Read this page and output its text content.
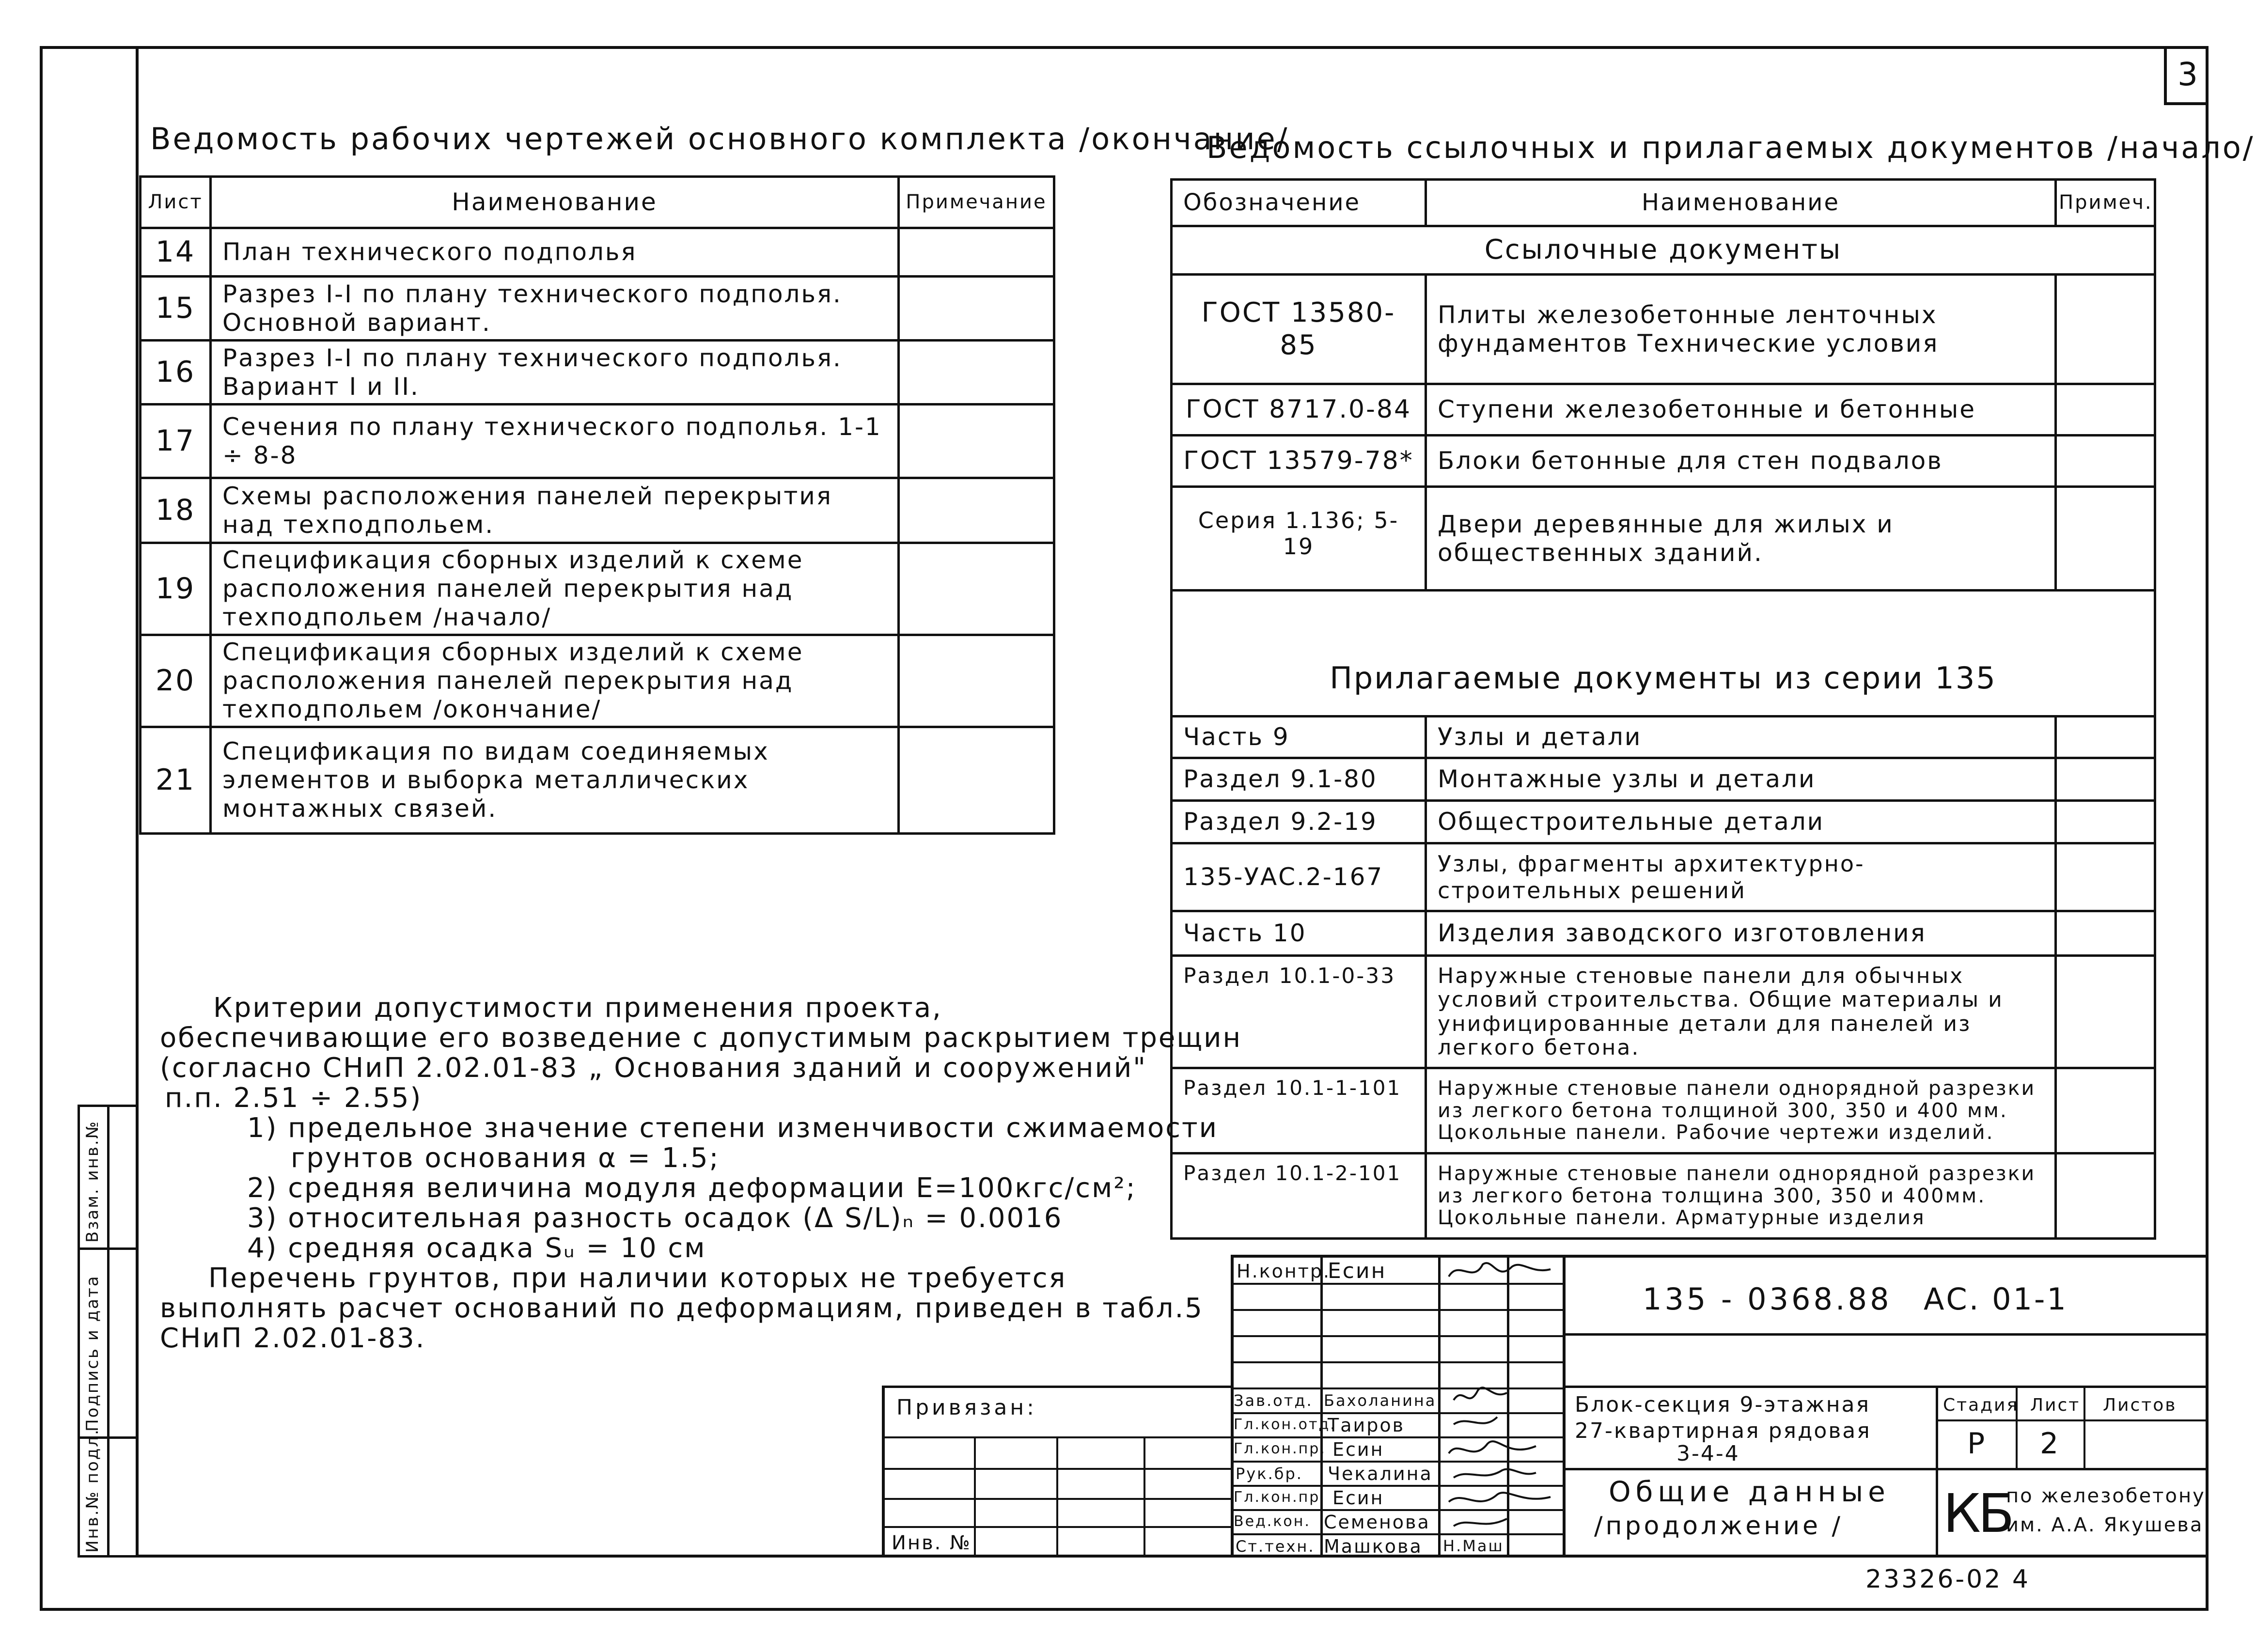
3
Ведомость рабочих чертежей основного комплекта /окончание/
Лист	Наименование	Примечание
14	План технического подполья	
15	Разрез I-I по плану технического подполья. Основной вариант.	
16	Разрез I-I по плану технического подполья. Вариант I и II.	
17	Сечения по плану технического подполья. 1-1 ÷ 8-8	
18	Схемы расположения панелей перекрытия над техподпольем.	
19	Спецификация сборных изделий к схеме расположения панелей перекрытия над техподпольем /начало/	
20	Спецификация сборных изделий к схеме расположения панелей перекрытия над техподпольем /окончание/	
21	Спецификация по видам соединяемых элементов и выборка металлических монтажных связей.	
Ведомость ссылочных и прилагаемых документов /начало/
Обозначение	Наименование	Примеч.
Ссылочные документы		
ГОСТ 13580-85	Плиты железобетонные ленточных фундаментов Технические условия	
ГОСТ 8717.0-84	Ступени железобетонные и бетонные	
ГОСТ 13579-78*	Блоки бетонные для стен подвалов	
Серия 1.136; 5-19	Двери деревянные для жилых и общественных зданий.	
Прилагаемые документы из серии 135		
Часть 9	Узлы и детали	
Раздел 9.1-80	Монтажные узлы и детали	
Раздел 9.2-19	Общестроительные детали	
135-УАС.2-167	Узлы, фрагменты архитектурно-строительных решений	
Часть 10	Изделия заводского изготовления	
Раздел 10.1-0-33	Наружные стеновые панели для обычных условий строительства. Общие материалы и унифицированные детали для панелей из легкого бетона.	
Раздел 10.1-1-101	Наружные стеновые панели однорядной разрезки из легкого бетона толщиной 300, 350 и 400 мм. Цокольные панели. Рабочие чертежи изделий.	
Раздел 10.1-2-101	Наружные стеновые панели однорядной разрезки из легкого бетона толщина 300, 350 и 400мм. Цокольные панели. Арматурные изделия	

Критерии допустимости применения проекта,

обеспечивающие его возведение с допустимым раскрытием трещин

(согласно СНиП 2.02.01-83 „ Основания зданий и сооружений"

п.п. 2.51 ÷ 2.55)

1) предельное значение степени изменчивости сжимаемости

грунтов основания α = 1.5;

2) средняя величина модуля деформации E=100кгс/см²;

3) относительная разность осадок (Δ S/L)ₙ = 0.0016

4) средняя осадка Sᵤ = 10 см

Перечень грунтов, при наличии которых не требуется

выполнять расчет оснований по деформациям, приведен в табл.5

СНиП 2.02.01-83.

Инв.№ подл.
Подпись и дата
Взам. инв.№
Привязан:
Инв. №
Н.контр.
Есин
Зав.отд. Бахоланина
Гл.кон.отд.
Таиров
Гл.кон.пр. Есин
Рук.бр. Чекалина
Гл.кон.пр Есин
Вед.кон. Семенова
Ст.техн. Машкова Н.Маш
135 - 0368.88 АС. 01-1
Блок-секция 9-этажная
27-квартирная рядовая
3-4-4
Стадия Лист Листов
Р 2
Общие данные
/продолжение / КБ
по железобетону
им. А.А. Якушева
23326-02 4
